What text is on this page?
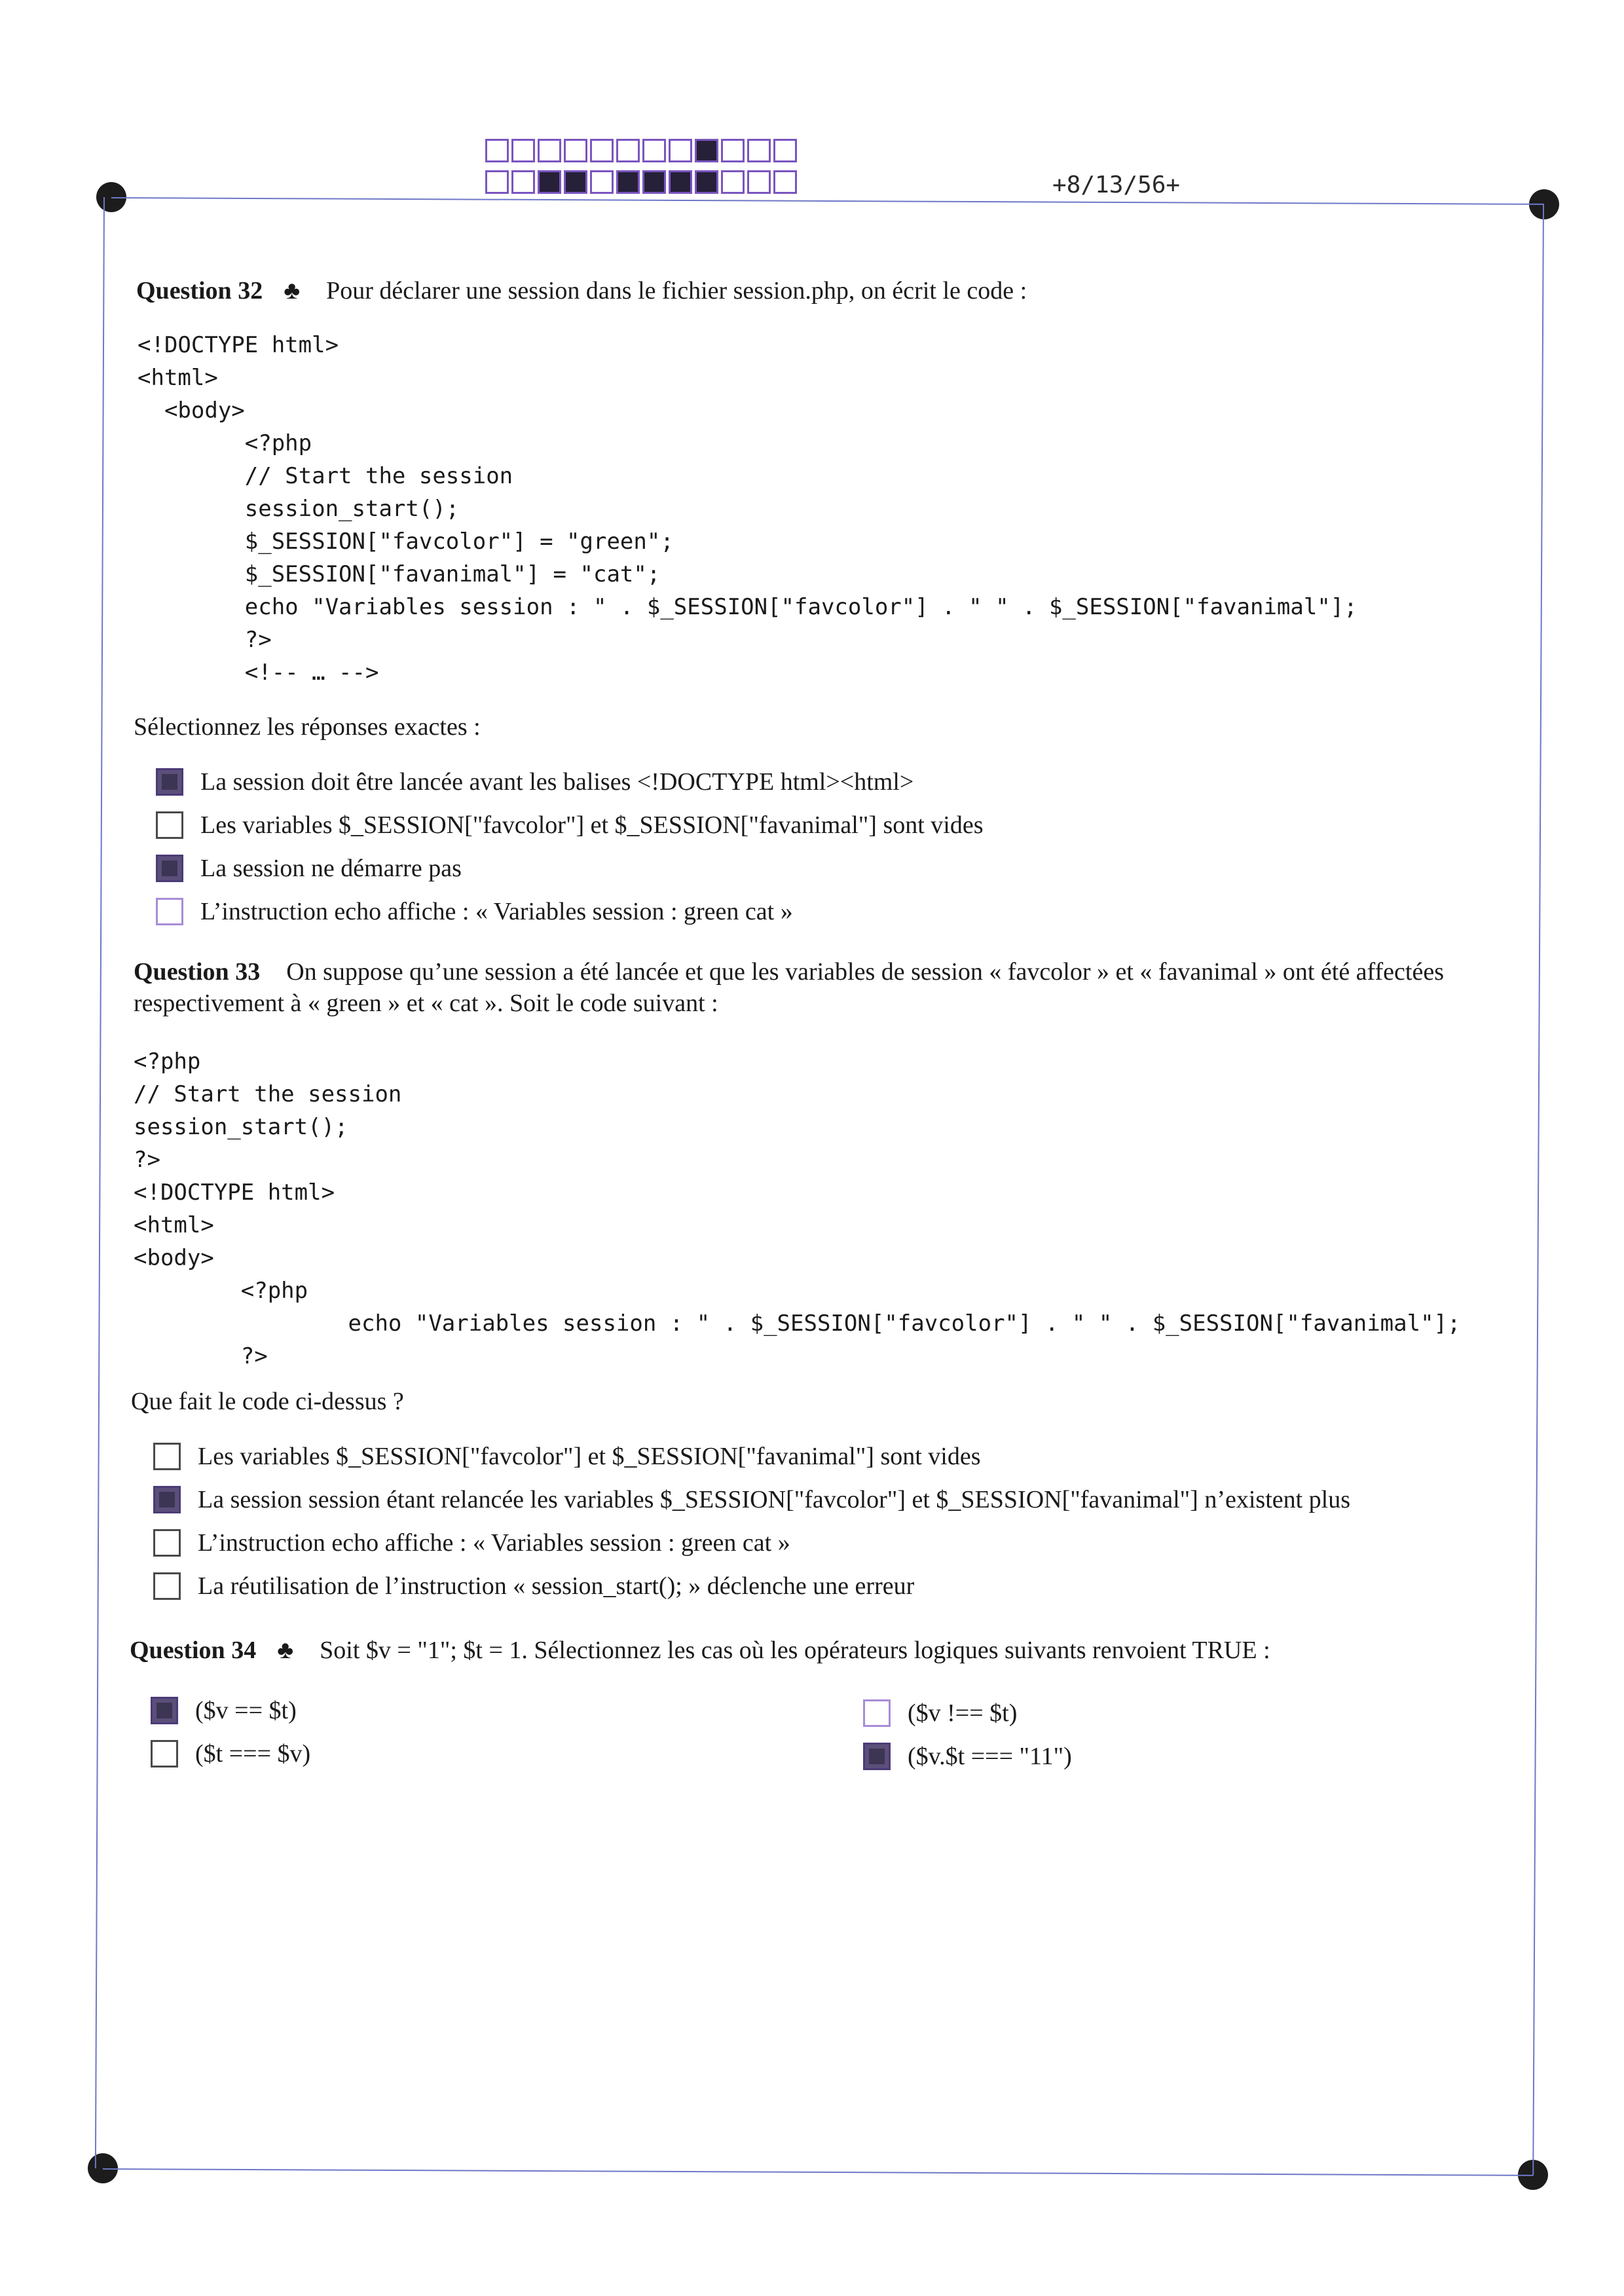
+8/13/56+
Question 32 ♣ Pour déclarer une session dans le fichier session.php, on écrit le code :
<!DOCTYPE html>
<html>
<body>
<?php
// Start the session
session_start();
$_SESSION["favcolor"] = "green";
$_SESSION["favanimal"] = "cat";
echo "Variables session : " . $_SESSION["favcolor"] . " " . $_SESSION["favanimal"];
?>
<!-- … -->
Sélectionnez les réponses exactes :
La session doit être lancée avant les balises <!DOCTYPE html><html>
Les variables $_SESSION["favcolor"] et $_SESSION["favanimal"] sont vides
La session ne démarre pas
L’instruction echo affiche : « Variables session : green cat »
Question 33 On suppose qu’une session a été lancée et que les variables de session « favcolor » et « favanimal » ont été affectées respectivement à « green » et « cat ». Soit le code suivant :
<?php
// Start the session
session_start();
?>
<!DOCTYPE html>
<html>
<body>
<?php
echo "Variables session : " . $_SESSION["favcolor"] . " " . $_SESSION["favanimal"];
?>
Que fait le code ci-dessus ?
Les variables $_SESSION["favcolor"] et $_SESSION["favanimal"] sont vides
La session session étant relancée les variables $_SESSION["favcolor"] et $_SESSION["favanimal"] n’existent plus
L’instruction echo affiche : « Variables session : green cat »
La réutilisation de l’instruction « session_start(); » déclenche une erreur
Question 34 ♣ Soit $v = "1"; $t = 1. Sélectionnez les cas où les opérateurs logiques suivants renvoient TRUE :
($v == $t)
($t === $v)
($v !== $t)
($v.$t === "11")
